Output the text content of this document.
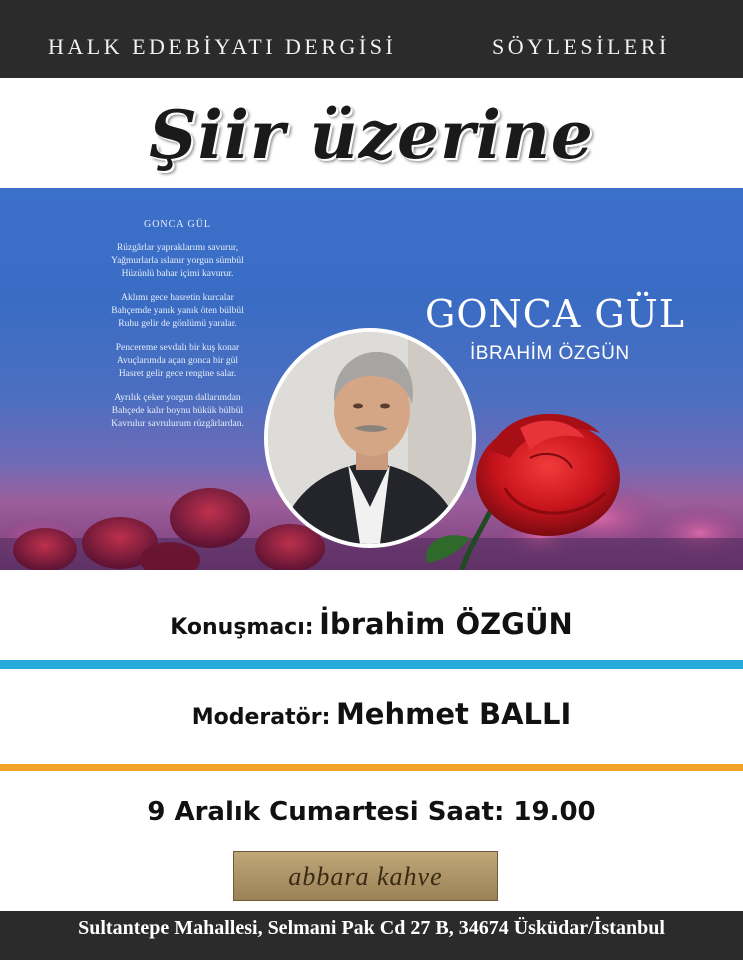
HALK EDEBİYATI DERGİSİ	SÖYLESİLERİ
Şiir üzerine
GONCA GÜL
Rüzgârlar yapraklarımı savurur,
Yağmurlarla ıslanır yorgun sümbül
Hüzünlü bahar içimi kavurur.
Aklımı gece hasretin kurcalar
Bahçemde yanık yanık öten bülbül
Ruhu gelir de gönlümü yaralar.
Pencereme sevdalı bir kuş konar
Avuçlarımda açan gonca bir gül
Hasret gelir gece rengine salar.
Ayrılık çeker yorgun dallarımdan
Bahçede kalır boynu bükük bülbül
Kavrulur savrulurum rüzgârlardan.
GONCA GÜL
İBRAHİM ÖZGÜN
Konuşmacı: İbrahim ÖZGÜN
Moderatör: Mehmet BALLI
9 Aralık Cumartesi Saat: 19.00
abbara kahve
Sultantepe Mahallesi, Selmani Pak Cd 27 B, 34674 Üsküdar/İstanbul
